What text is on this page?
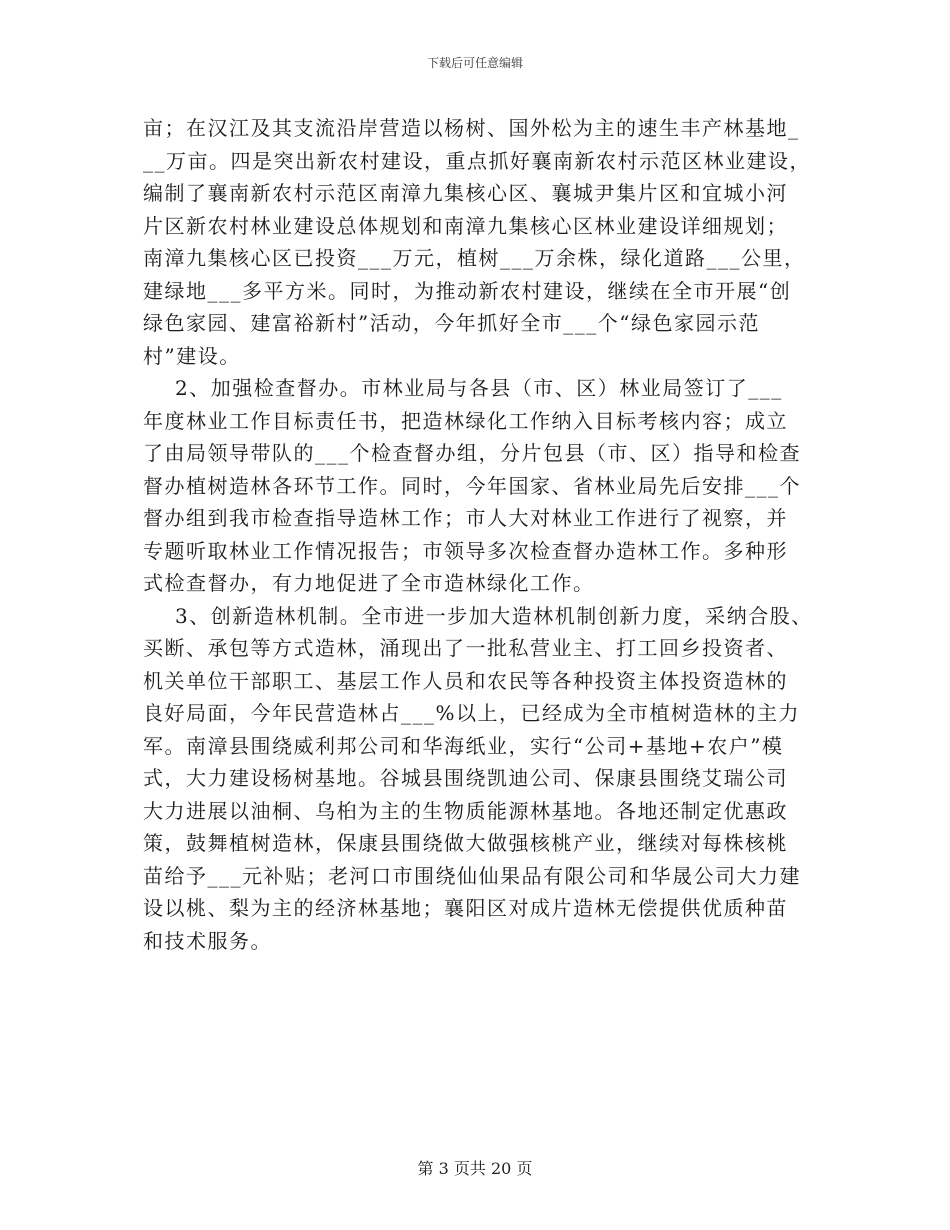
下载后可任意编辑
亩；在汉江及其支流沿岸营造以杨树、国外松为主的速生丰产林基地_
__万亩。四是突出新农村建设，重点抓好襄南新农村示范区林业建设，
编制了襄南新农村示范区南漳九集核心区、襄城尹集片区和宜城小河
片区新农村林业建设总体规划和南漳九集核心区林业建设详细规划；
南漳九集核心区已投资___万元，植树___万余株，绿化道路___公里，
建绿地___多平方米。同时，为推动新农村建设，继续在全市开展“创
绿色家园、建富裕新村”活动，今年抓好全市___个“绿色家园示范
村”建设。
2、加强检查督办。市林业局与各县（市、区）林业局签订了___
年度林业工作目标责任书，把造林绿化工作纳入目标考核内容；成立
了由局领导带队的___个检查督办组，分片包县（市、区）指导和检查
督办植树造林各环节工作。同时，今年国家、省林业局先后安排___个
督办组到我市检查指导造林工作；市人大对林业工作进行了视察，并
专题听取林业工作情况报告；市领导多次检查督办造林工作。多种形
式检查督办，有力地促进了全市造林绿化工作。
3、创新造林机制。全市进一步加大造林机制创新力度，采纳合股、
买断、承包等方式造林，涌现出了一批私营业主、打工回乡投资者、
机关单位干部职工、基层工作人员和农民等各种投资主体投资造林的
良好局面，今年民营造林占___%以上，已经成为全市植树造林的主力
军。南漳县围绕威利邦公司和华海纸业，实行“公司+基地+农户”模
式，大力建设杨树基地。谷城县围绕凯迪公司、保康县围绕艾瑞公司
大力进展以油桐、乌桕为主的生物质能源林基地。各地还制定优惠政
策，鼓舞植树造林，保康县围绕做大做强核桃产业，继续对每株核桃
苗给予___元补贴；老河口市围绕仙仙果品有限公司和华晟公司大力建
设以桃、梨为主的经济林基地；襄阳区对成片造林无偿提供优质种苗
和技术服务。
第 3 页共 20 页
